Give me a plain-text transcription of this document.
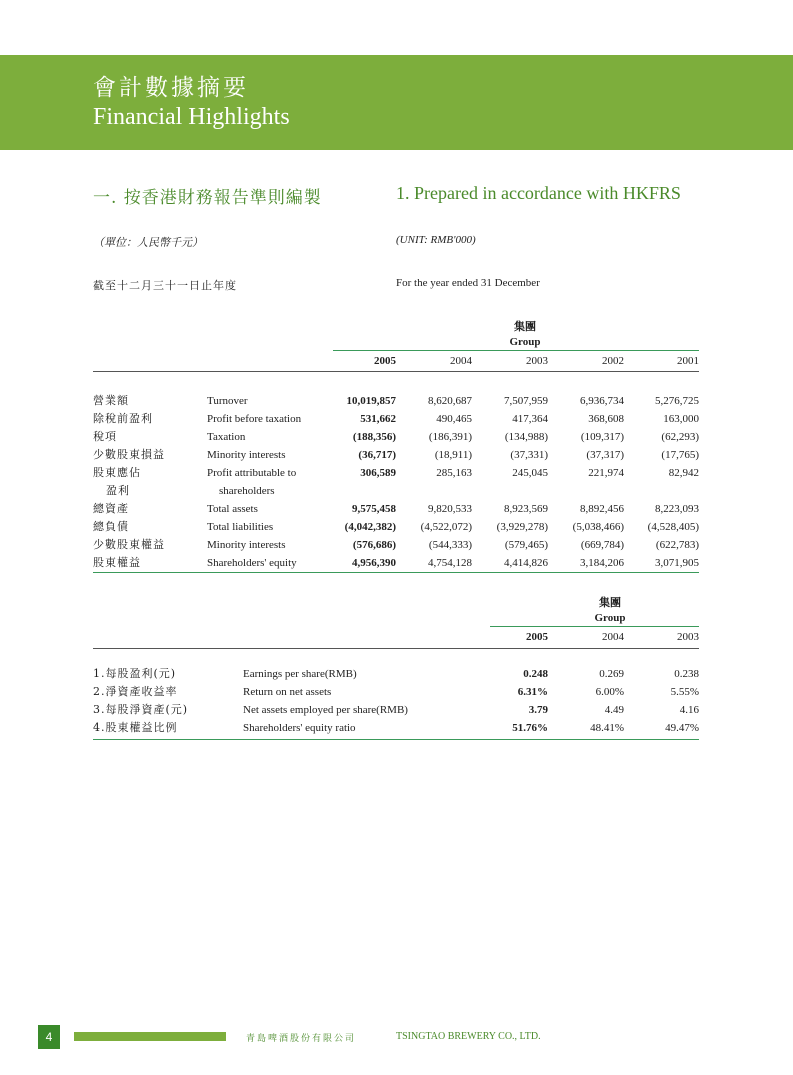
會計數據摘要
Financial Highlights
一. 按香港財務報告準則編製	1. Prepared in accordance with HKFRS
（單位：人民幣千元）	(UNIT: RMB'000)
截至十二月三十一日止年度	For the year ended 31 December
集團
Group
2005	2004	2003	2002	2001
營業額	Turnover	10,019,857	8,620,687	7,507,959	6,936,734	5,276,725
除稅前盈利	Profit before taxation	531,662	490,465	417,364	368,608	163,000
稅項	Taxation	(188,356)	(186,391)	(134,988)	(109,317)	(62,293)
少數股東損益	Minority interests	(36,717)	(18,911)	(37,331)	(37,317)	(17,765)
股東應佔	Profit attributable to	306,589	285,163	245,045	221,974	82,942
盈利	shareholders
總資產	Total assets	9,575,458	9,820,533	8,923,569	8,892,456	8,223,093
總負債	Total liabilities	(4,042,382)	(4,522,072)	(3,929,278)	(5,038,466)	(4,528,405)
少數股東權益	Minority interests	(576,686)	(544,333)	(579,465)	(669,784)	(622,783)
股東權益	Shareholders' equity	4,956,390	4,754,128	4,414,826	3,184,206	3,071,905
集團
Group
2005	2004	2003
1.每股盈利(元)	Earnings per share(RMB)	0.248	0.269	0.238
2.淨資產收益率	Return on net assets	6.31%	6.00%	5.55%
3.每股淨資產(元)	Net assets employed per share(RMB)	3.79	4.49	4.16
4.股東權益比例	Shareholders' equity ratio	51.76%	48.41%	49.47%
4	青島啤酒股份有限公司	TSINGTAO BREWERY CO., LTD.
